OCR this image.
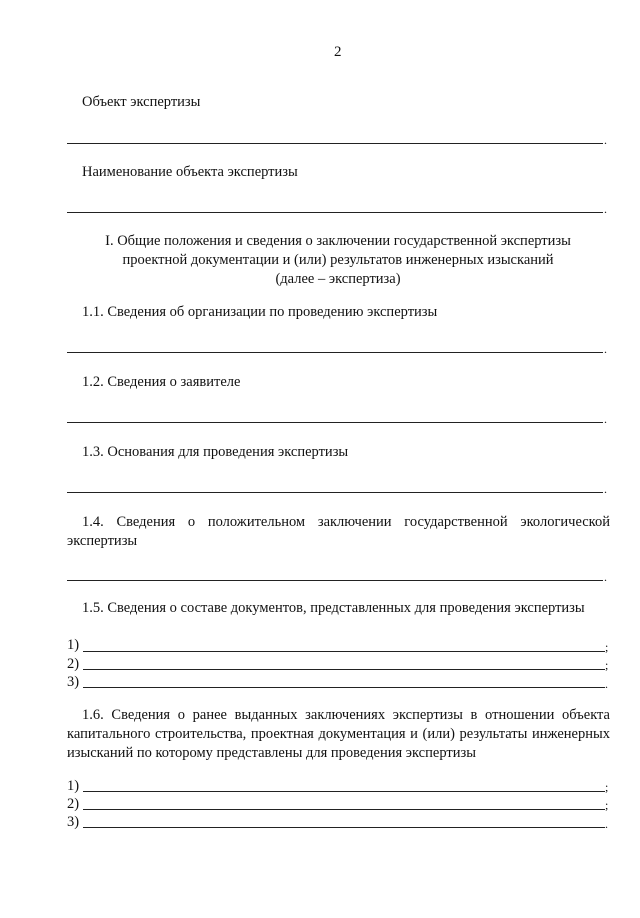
2
Объект экспертизы
.
Наименование объекта экспертизы
.
I. Общие положения и сведения о заключении государственной экспертизы
проектной документации и (или) результатов инженерных изысканий
(далее – экспертиза)
1.1. Сведения об организации по проведению экспертизы
.
1.2. Сведения о заявителе
.
1.3. Основания для проведения экспертизы
.
1.4. Сведения о положительном заключении государственной экологической экспертизы
.
1.5. Сведения о составе документов, представленных для проведения экспертизы
1)	;
2)	;
3)	.
1.6. Сведения о ранее выданных заключениях экспертизы в отношении объекта капитального строительства, проектная документация и (или) результаты инженерных изысканий по которому представлены для проведения экспертизы
1)	;
2)	;
3)	.
